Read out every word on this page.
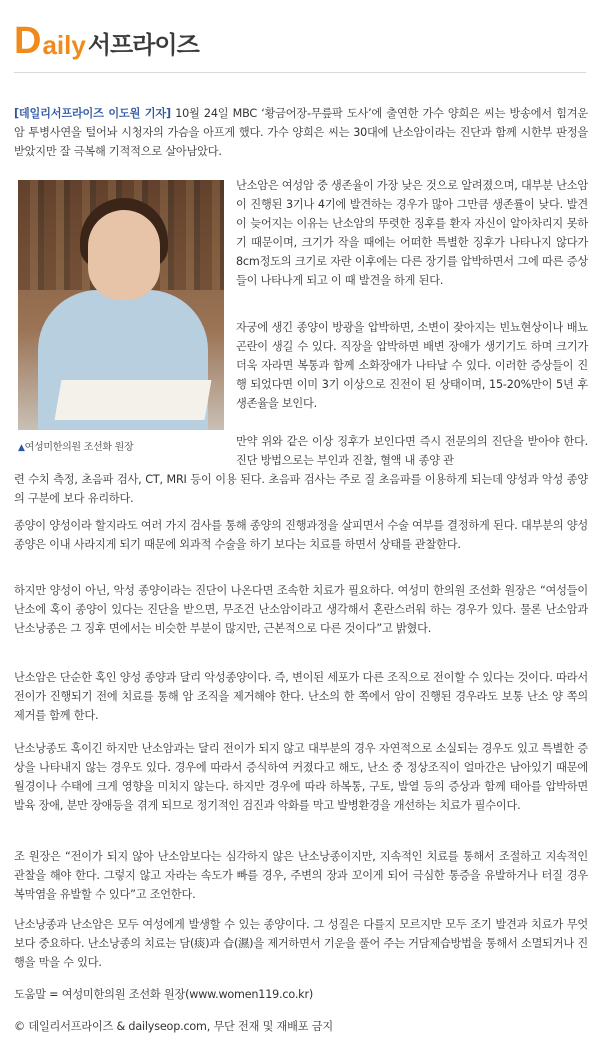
D aily 서프라이즈

[데일리서프라이즈 이도원 기자] 10월 24일 MBC ‘황금어장-무릎팍 도사’에 출연한 가수 양희은 씨는 방송에서 힘겨운 암 투병사연을 털어놔 시청자의 가슴을 아프게 했다. 가수 양희은 씨는 30대에 난소암이라는 진단과 함께 시한부 판정을 받았지만 잘 극복해 기적적으로 살아남았다.

▲여성미한의원 조선화 원장

난소암은 여성암 중 생존율이 가장 낮은 것으로 알려졌으며, 대부분 난소암이 진행된 3기나 4기에 발견하는 경우가 많아 그만큼 생존률이 낮다. 발견이 늦어지는 이유는 난소암의 뚜렷한 징후를 환자 자신이 알아차리지 못하기 때문이며, 크기가 작을 때에는 어떠한 특별한 징후가 나타나지 않다가 8cm정도의 크기로 자란 이후에는 다른 장기를 압박하면서 그에 따른 증상들이 나타나게 되고 이 때 발견을 하게 된다.

자궁에 생긴 종양이 방광을 압박하면, 소변이 잦아지는 빈뇨현상이나 배뇨곤란이 생길 수 있다. 직장을 압박하면 배변 장애가 생기기도 하며 크기가 더욱 자라면 복통과 함께 소화장애가 나타날 수 있다. 이러한 증상들이 진행 되었다면 이미 3기 이상으로 진전이 된 상태이며, 15-20%만이 5년 후 생존율을 보인다.

만약 위와 같은 이상 징후가 보인다면 즉시 전문의의 진단을 받아야 한다. 진단 방법으로는 부인과 진찰, 혈액 내 종양 관

련 수치 측정, 초음파 검사, CT, MRI 등이 이용 된다. 초음파 검사는 주로 질 초음파를 이용하게 되는데 양성과 악성 종양의 구분에 보다 유리하다.

종양이 양성이라 할지라도 여러 가지 검사를 통해 종양의 진행과정을 살피면서 수술 여부를 결정하게 된다. 대부분의 양성종양은 이내 사라지게 되기 때문에 외과적 수술을 하기 보다는 치료를 하면서 상태를 관찰한다.

하지만 양성이 아닌, 악성 종양이라는 진단이 나온다면 조속한 치료가 필요하다. 여성미 한의원 조선화 원장은 “여성들이 난소에 혹이 종양이 있다는 진단을 받으면, 무조건 난소암이라고 생각해서 혼란스러워 하는 경우가 있다. 물론 난소암과 난소낭종은 그 징후 면에서는 비슷한 부분이 많지만, 근본적으로 다른 것이다”고 밝혔다.

난소암은 단순한 혹인 양성 종양과 달리 악성종양이다. 즉, 변이된 세포가 다른 조직으로 전이할 수 있다는 것이다. 따라서 전이가 진행되기 전에 치료를 통해 암 조직을 제거해야 한다. 난소의 한 쪽에서 암이 진행된 경우라도 보통 난소 양 쪽의 제거를 함께 한다.

난소낭종도 혹이긴 하지만 난소암과는 달리 전이가 되지 않고 대부분의 경우 자연적으로 소실되는 경우도 있고 특별한 증상을 나타내지 않는 경우도 있다. 경우에 따라서 증식하여 커졌다고 해도, 난소 중 정상조직이 얼마간은 남아있기 때문에 월경이나 수태에 크게 영향을 미치지 않는다. 하지만 경우에 따라 하복통, 구토, 발열 등의 증상과 함께 태아를 압박하면 발육 장애, 분만 장애등을 겪게 되므로 정기적인 검진과 악화를 막고 발병환경을 개선하는 치료가 필수이다.

조 원장은 “전이가 되지 않아 난소암보다는 심각하지 않은 난소낭종이지만, 지속적인 치료를 통해서 조절하고 지속적인 관찰을 해야 한다. 그렇지 않고 자라는 속도가 빠를 경우, 주변의 장과 꼬이게 되어 극심한 통증을 유발하거나 터질 경우 복막염을 유발할 수 있다”고 조언한다.

난소낭종과 난소암은 모두 여성에게 발생할 수 있는 종양이다. 그 성질은 다를지 모르지만 모두 조기 발견과 치료가 무엇보다 중요하다. 난소낭종의 치료는 담(痰)과 습(濕)을 제거하면서 기운을 풀어 주는 거담제습방법을 통해서 소멸되거나 진행을 막을 수 있다.

도움말 = 여성미한의원 조선화 원장(www.women119.co.kr)

© 데일리서프라이즈 & dailyseop.com, 무단 전재 및 재배포 금지
